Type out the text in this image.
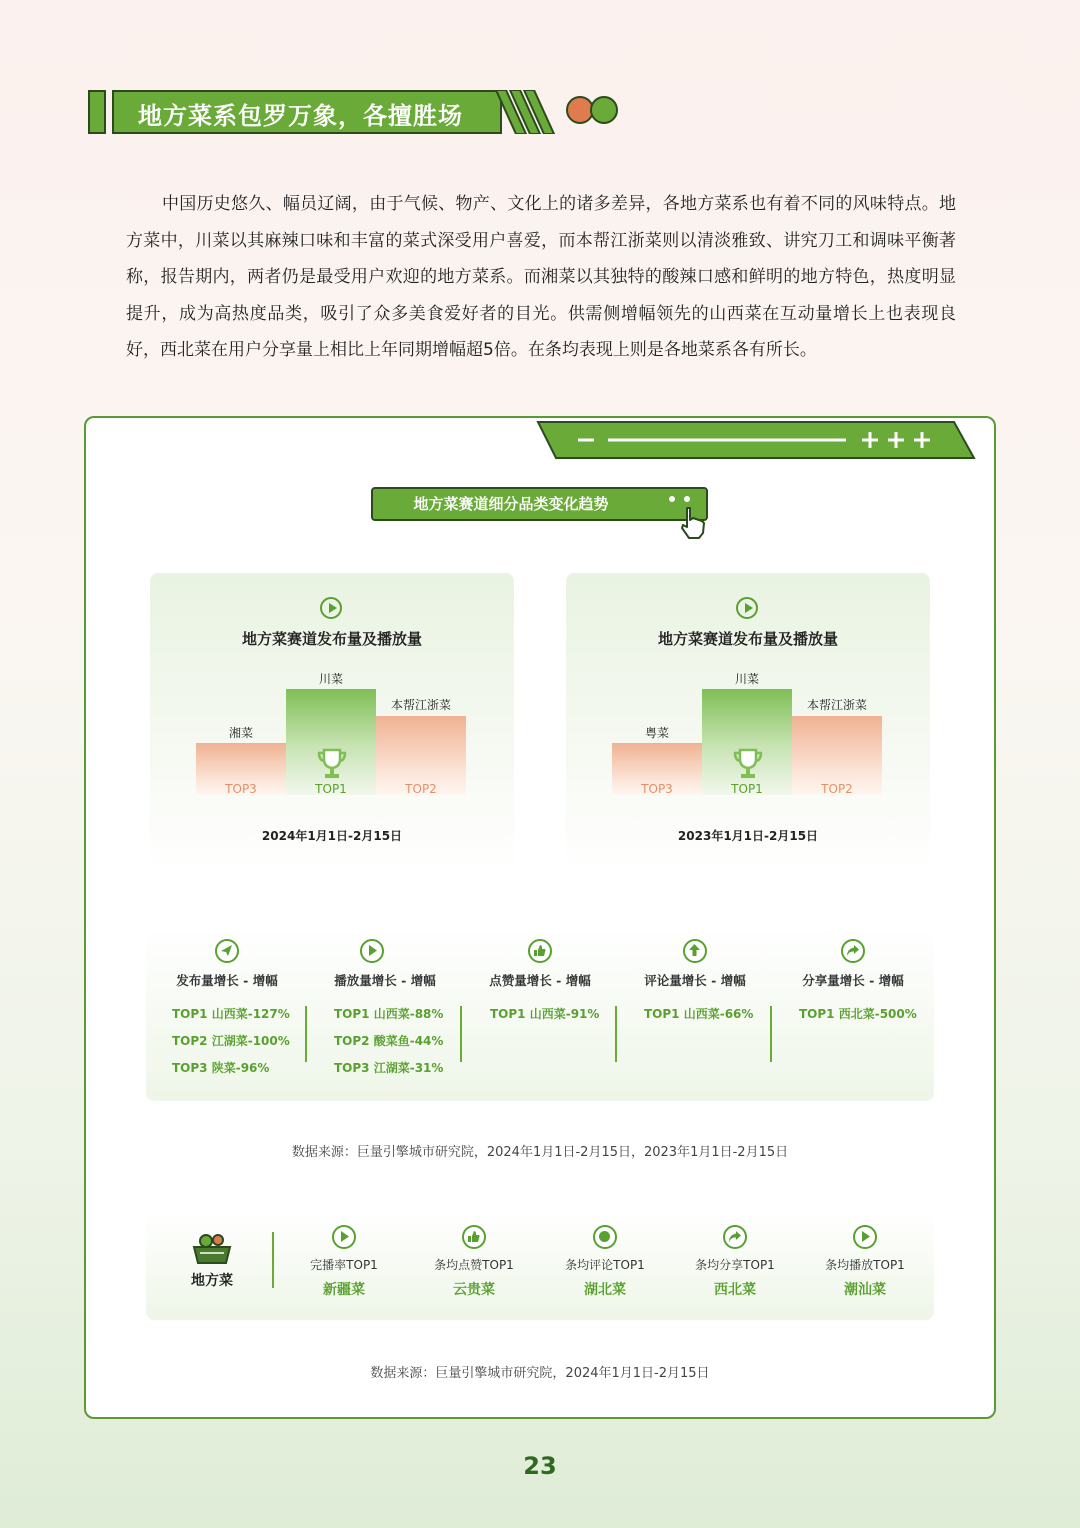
地方菜系包罗万象，各擅胜场
中国历史悠久、幅员辽阔，由于气候、物产、文化上的诸多差异，各地方菜系也有着不同的风味特点。地方菜中，川菜以其麻辣口味和丰富的菜式深受用户喜爱，而本帮江浙菜则以清淡雅致、讲究刀工和调味平衡著称，报告期内，两者仍是最受用户欢迎的地方菜系。而湘菜以其独特的酸辣口感和鲜明的地方特色，热度明显提升，成为高热度品类，吸引了众多美食爱好者的目光。供需侧增幅领先的山西菜在互动量增长上也表现良好，西北菜在用户分享量上相比上年同期增幅超5倍。在条均表现上则是各地菜系各有所长。
地方菜赛道细分品类变化趋势
地方菜赛道发布量及播放量
川菜
湘菜
本帮江浙菜
TOP3	TOP1	TOP2
2024年1月1日-2月15日
地方菜赛道发布量及播放量
川菜
粤菜
本帮江浙菜
TOP3	TOP1	TOP2
2023年1月1日-2月15日
发布量增长 - 增幅
TOP1 山西菜-127%
TOP2 江湖菜-100%
TOP3 陕菜-96%
播放量增长 - 增幅
TOP1 山西菜-88%
TOP2 酸菜鱼-44%
TOP3 江湖菜-31%
点赞量增长 - 增幅
TOP1 山西菜-91%
评论量增长 - 增幅
TOP1 山西菜-66%
分享量增长 - 增幅
TOP1 西北菜-500%
数据来源：巨量引擎城市研究院，2024年1月1日-2月15日，2023年1月1日-2月15日
地方菜
完播率TOP1
新疆菜
条均点赞TOP1
云贵菜
条均评论TOP1
湖北菜
条均分享TOP1
西北菜
条均播放TOP1
潮汕菜
数据来源：巨量引擎城市研究院，2024年1月1日-2月15日
23
